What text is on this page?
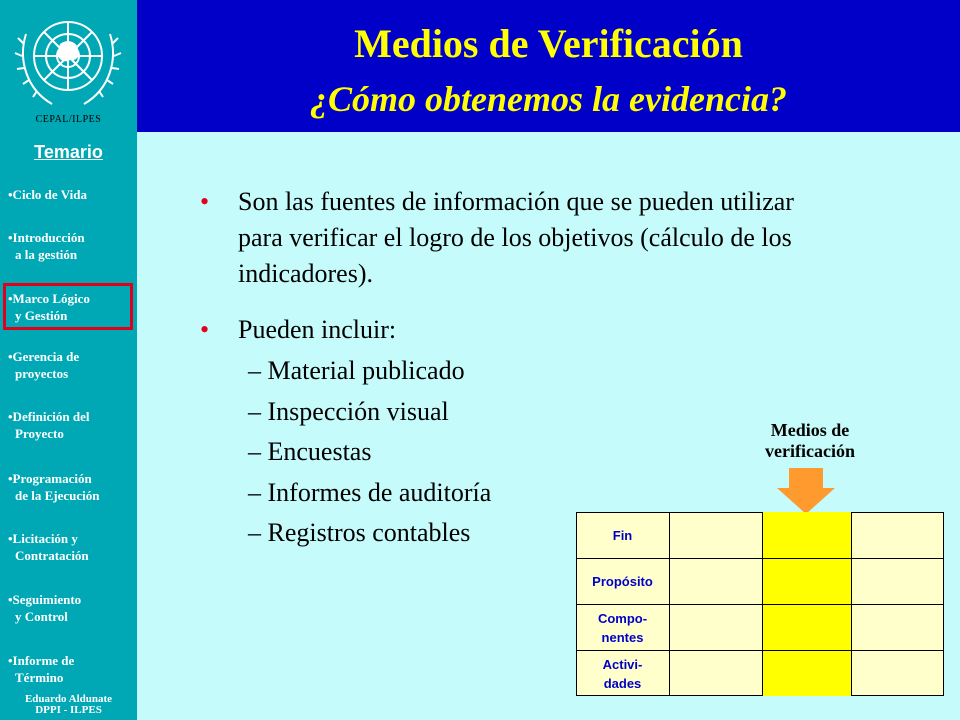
CEPAL/ILPES
Temario
•Ciclo de Vida
•Introducción
a la gestión
•Marco Lógico
y Gestión
•Gerencia de
proyectos
•Definición del
Proyecto
•Programación
de la Ejecución
•Licitación y
Contratación
•Seguimiento
y Control
•Informe de
Término
Eduardo Aldunate
DPPI - ILPES
Medios de Verificación
¿Cómo obtenemos la evidencia?
• Son las fuentes de información que se pueden utilizar para verificar el logro de los objetivos (cálculo de los indicadores).
• Pueden incluir:
– Material publicado
– Inspección visual
– Encuestas
– Informes de auditoría
– Registros contables
Medios de
verificación
Fin
Propósito
Compo-
nentes
Activi-
dades
